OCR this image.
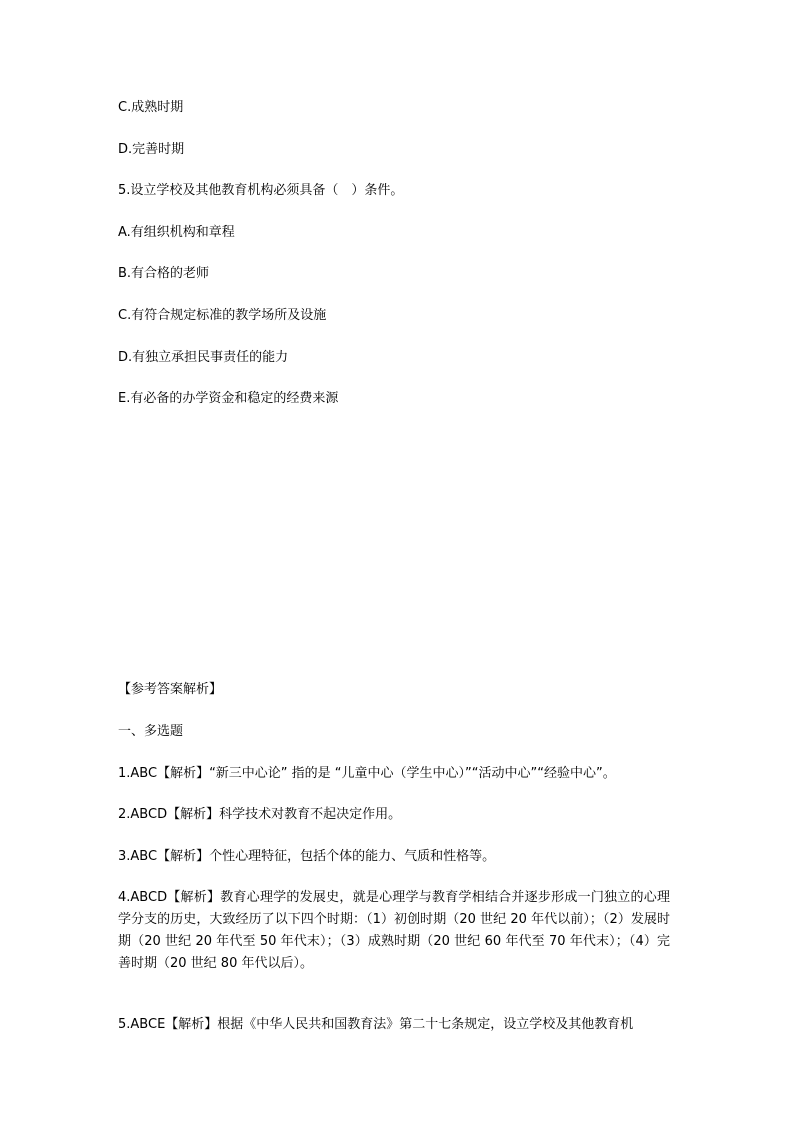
C.成熟时期
D.完善时期
5.设立学校及其他教育机构必须具备（　）条件。
A.有组织机构和章程
B.有合格的老师
C.有符合规定标准的教学场所及设施
D.有独立承担民事责任的能力
E.有必备的办学资金和稳定的经费来源
【参考答案解析】
一、多选题
1.ABC【解析】“新三中心论” 指的是 “儿童中心（学生中心）”“活动中心”“经验中心”。
2.ABCD【解析】科学技术对教育不起决定作用。
3.ABC【解析】个性心理特征，包括个体的能力、气质和性格等。
4.ABCD【解析】教育心理学的发展史，就是心理学与教育学相结合并逐步形成一门独立的心理学分支的历史，大致经历了以下四个时期：（1）初创时期（20 世纪 20 年代以前）；（2）发展时期（20 世纪 20 年代至 50 年代末）；（3）成熟时期（20 世纪 60 年代至 70 年代末）；（4）完善时期（20 世纪 80 年代以后）。
5.ABCE【解析】根据《中华人民共和国教育法》第二十七条规定，设立学校及其他教育机
